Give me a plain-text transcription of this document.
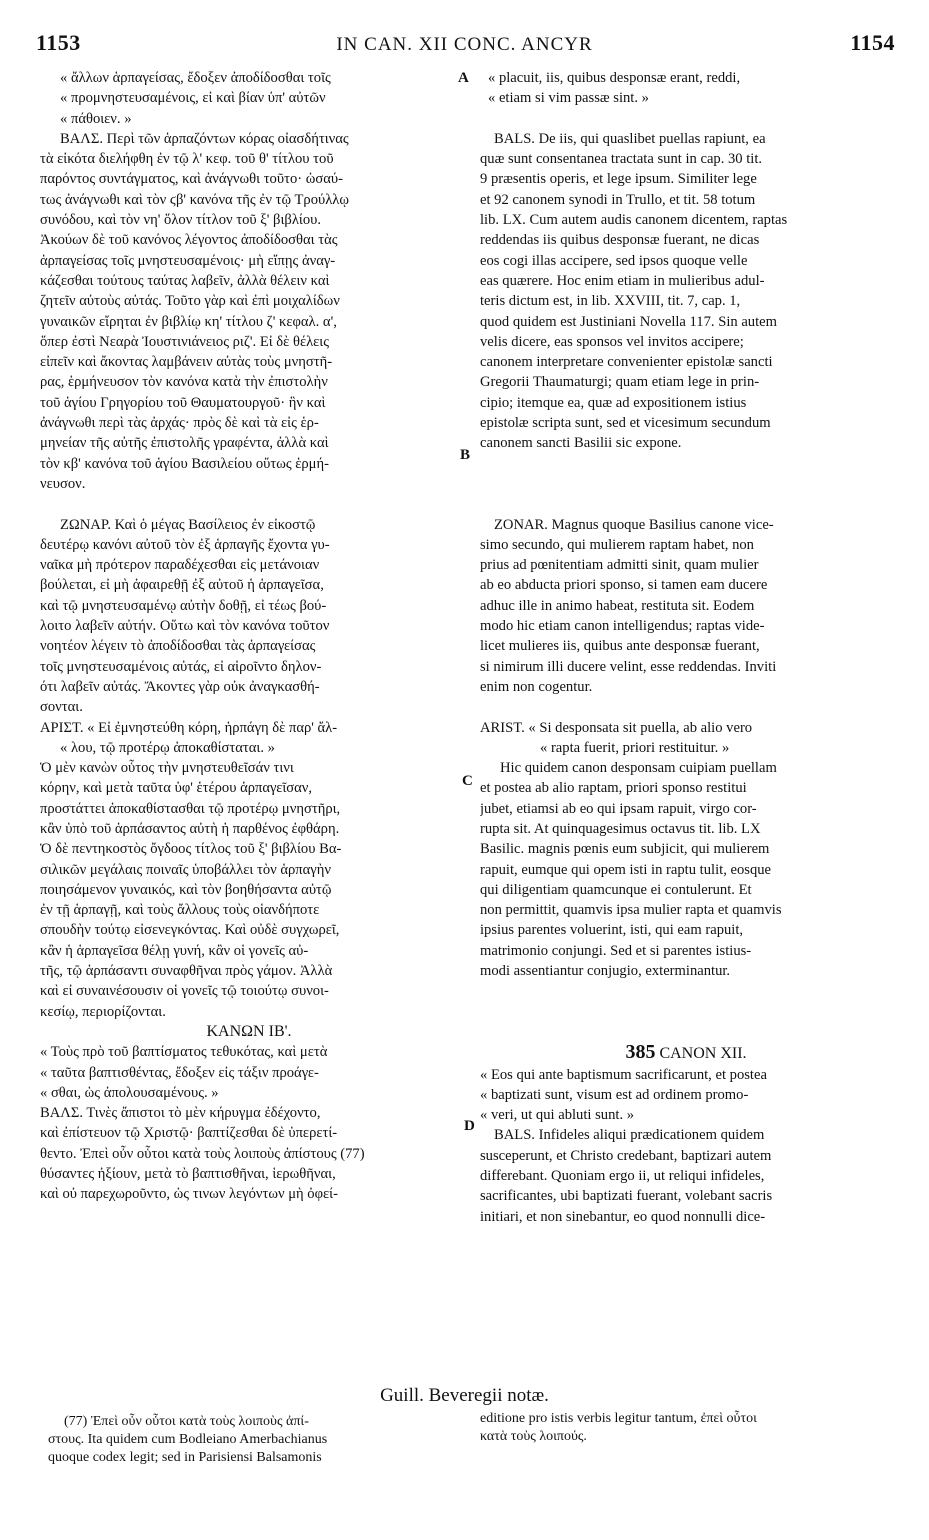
1153	IN CAN. XII CONC. ANCYR	1154
A
B
C
D

« ἄλλων ἁρπαγείσας, ἔδοξεν ἀποδίδοσθαι τοῖς

« προμνηστευσαμένοις, εἰ καὶ βίαν ὑπ' αὐτῶν

« πάθοιεν. »

ΒΑΛΣ. Περὶ τῶν ἁρπαζόντων κόρας οἰασδήτινας

τὰ εἰκότα διελήφθη ἐν τῷ λ' κεφ. τοῦ θ' τίτλου τοῦ

παρόντος συντάγματος, καὶ ἀνάγνωθι τοῦτο· ὡσαύ-

τως ἀνάγνωθι καὶ τὸν ϛβ' κανόνα τῆς ἐν τῷ Τρούλλῳ

συνόδου, καὶ τὸν νη' ὅλον τίτλον τοῦ ξ' βιβλίου.

Ἀκούων δὲ τοῦ κανόνος λέγοντος ἀποδίδοσθαι τὰς

ἁρπαγείσας τοῖς μνηστευσαμένοις· μὴ εἴπῃς ἀναγ-

κάζεσθαι τούτους ταύτας λαβεῖν, ἀλλὰ θέλειν καὶ

ζητεῖν αὐτοὺς αὐτάς. Τοῦτο γὰρ καὶ ἐπὶ μοιχαλίδων

γυναικῶν εἴρηται ἐν βιβλίῳ κη' τίτλου ζ' κεφαλ. α',

ὅπερ ἐστὶ Νεαρὰ Ἰουστινιάνειος ριζ'. Εἰ δὲ θέλεις

εἰπεῖν καὶ ἄκοντας λαμβάνειν αὐτὰς τοὺς μνηστῆ-

ρας, ἑρμήνευσον τὸν κανόνα κατὰ τὴν ἐπιστολὴν

τοῦ ἁγίου Γρηγορίου τοῦ Θαυματουργοῦ· ἣν καὶ

ἀνάγνωθι περὶ τὰς ἀρχάς· πρὸς δὲ καὶ τὰ εἰς ἑρ-

μηνείαν τῆς αὐτῆς ἐπιστολῆς γραφέντα, ἀλλὰ καὶ

τὸν κβ' κανόνα τοῦ ἁγίου Βασιλείου οὕτως ἑρμή-

νευσον.

ΖΩΝΑΡ. Καὶ ὁ μέγας Βασίλειος ἐν εἰκοστῷ

δευτέρῳ κανόνι αὐτοῦ τὸν ἐξ ἁρπαγῆς ἔχοντα γυ-

ναῖκα μὴ πρότερον παραδέχεσθαι εἰς μετάνοιαν

βούλεται, εἰ μὴ ἀφαιρεθῇ ἐξ αὐτοῦ ἡ ἁρπαγεῖσα,

καὶ τῷ μνηστευσαμένῳ αὐτὴν δοθῇ, εἰ τέως βού-

λοιτο λαβεῖν αὐτήν. Οὕτω καὶ τὸν κανόνα τοῦτον

νοητέον λέγειν τὸ ἀποδίδοσθαι τὰς ἁρπαγείσας

τοῖς μνηστευσαμένοις αὐτάς, εἰ αἱροῖντο δηλον-

ότι λαβεῖν αὐτάς. Ἄκοντες γὰρ οὐκ ἀναγκασθή-

σονται.

ΑΡΙΣΤ. « Εἰ ἐμνηστεύθη κόρη, ἡρπάγη δὲ παρ' ἄλ-

« λου, τῷ προτέρῳ ἀποκαθίσταται. »

Ὁ μὲν κανὼν οὗτος τὴν μνηστευθεῖσάν τινι

κόρην, καὶ μετὰ ταῦτα ὑφ' ἑτέρου ἁρπαγεῖσαν,

προστάττει ἀποκαθίστασθαι τῷ προτέρῳ μνηστῆρι,

κἂν ὑπὸ τοῦ ἁρπάσαντος αὐτὴ ἡ παρθένος ἐφθάρη.

Ὁ δὲ πεντηκοστὸς ὄγδοος τίτλος τοῦ ξ' βιβλίου Βα-

σιλικῶν μεγάλαις ποιναῖς ὑποβάλλει τὸν ἁρπαγὴν

ποιησάμενον γυναικός, καὶ τὸν βοηθήσαντα αὐτῷ

ἐν τῇ ἁρπαγῇ, καὶ τοὺς ἄλλους τοὺς οἱανδήποτε

σπουδὴν τούτῳ εἰσενεγκόντας. Καὶ οὐδὲ συγχωρεῖ,

κἂν ἡ ἁρπαγεῖσα θέλῃ γυνή, κἂν οἱ γονεῖς αὐ-

τῆς, τῷ ἁρπάσαντι συναφθῆναι πρὸς γάμον. Ἀλλὰ

καὶ εἰ συναινέσουσιν οἱ γονεῖς τῷ τοιούτῳ συνοι-

κεσίῳ, περιορίζονται.

ΚΑΝΩΝ ΙΒ'.

« Τοὺς πρὸ τοῦ βαπτίσματος τεθυκότας, καὶ μετὰ

« ταῦτα βαπτισθέντας, ἔδοξεν εἰς τάξιν προάγε-

« σθαι, ὡς ἀπολουσαμένους. »

ΒΑΛΣ. Τινὲς ἄπιστοι τὸ μὲν κήρυγμα ἐδέχοντο,

καὶ ἐπίστευον τῷ Χριστῷ· βαπτίζεσθαι δὲ ὑπερετί-

θεντο. Ἐπεὶ οὖν οὗτοι κατὰ τοὺς λοιποὺς ἀπίστους (77)

θύσαντες ἠξίουν, μετὰ τὸ βαπτισθῆναι, ἱερωθῆναι,

καὶ οὐ παρεχωροῦντο, ὡς τινων λεγόντων μὴ ὀφεί-

« placuit, iis, quibus desponsæ erant, reddi,

« etiam si vim passæ sint. »

BALS. De iis, qui quaslibet puellas rapiunt, ea

quæ sunt consentanea tractata sunt in cap. 30 tit.

9 præsentis operis, et lege ipsum. Similiter lege

et 92 canonem synodi in Trullo, et tit. 58 totum

lib. LX. Cum autem audis canonem dicentem, raptas

reddendas iis quibus desponsæ fuerant, ne dicas

eos cogi illas accipere, sed ipsos quoque velle

eas quærere. Hoc enim etiam in mulieribus adul-

teris dictum est, in lib. XXVIII, tit. 7, cap. 1,

quod quidem est Justiniani Novella 117. Sin autem

velis dicere, eas sponsos vel invitos accipere;

canonem interpretare convenienter epistolæ sancti

Gregorii Thaumaturgi; quam etiam lege in prin-

cipio; itemque ea, quæ ad expositionem istius

epistolæ scripta sunt, sed et vicesimum secundum

canonem sancti Basilii sic expone.

ZONAR. Magnus quoque Basilius canone vice-

simo secundo, qui mulierem raptam habet, non

prius ad pœnitentiam admitti sinit, quam mulier

ab eo abducta priori sponso, si tamen eam ducere

adhuc ille in animo habeat, restituta sit. Eodem

modo hic etiam canon intelligendus; raptas vide-

licet mulieres iis, quibus ante desponsæ fuerant,

si nimirum illi ducere velint, esse reddendas. Inviti

enim non cogentur.

ARIST. « Si desponsata sit puella, ab alio vero

« rapta fuerit, priori restituitur. »

Hic quidem canon desponsam cuipiam puellam

et postea ab alio raptam, priori sponso restitui

jubet, etiamsi ab eo qui ipsam rapuit, virgo cor-

rupta sit. At quinquagesimus octavus tit. lib. LX

Basilic. magnis pœnis eum subjicit, qui mulierem

rapuit, eumque qui opem isti in raptu tulit, eosque

qui diligentiam quamcunque ei contulerunt. Et

non permittit, quamvis ipsa mulier rapta et quamvis

ipsius parentes voluerint, isti, qui eam rapuit,

matrimonio conjungi. Sed et si parentes istius-

modi assentiantur conjugio, exterminantur.

385 CANON XII.

« Eos qui ante baptismum sacrificarunt, et postea

« baptizati sunt, visum est ad ordinem promo-

« veri, ut qui abluti sunt. »

BALS. Infideles aliqui prædicationem quidem

susceperunt, et Christo credebant, baptizari autem

differebant. Quoniam ergo ii, ut reliqui infideles,

sacrificantes, ubi baptizati fuerant, volebant sacris

initiari, et non sinebantur, eo quod nonnulli dice-

Guill. Beveregii notæ.

(77) Ἐπεὶ οὖν οὗτοι κατὰ τοὺς λοιποὺς ἀπί-

στους. Ita quidem cum Bodleiano Amerbachianus

quoque codex legit; sed in Parisiensi Balsamonis

editione pro istis verbis legitur tantum, ἐπεὶ οὗτοι

κατὰ τοὺς λοιπούς.
